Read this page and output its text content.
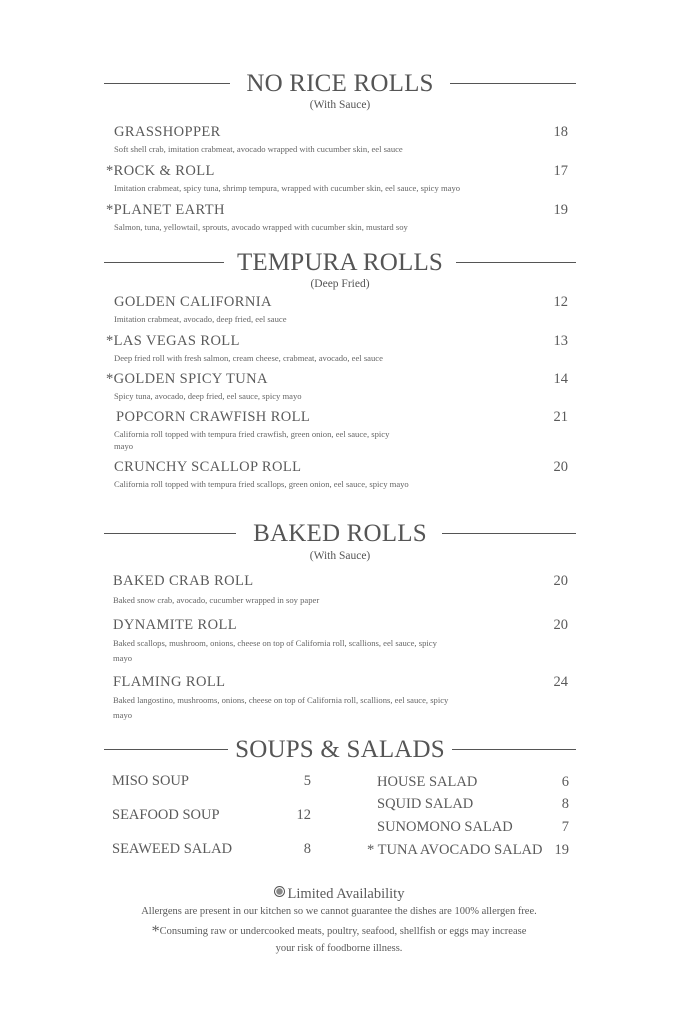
NO RICE ROLLS
(With Sauce)
GRASSHOPPER	18
Soft shell crab, imitation crabmeat, avocado wrapped with cucumber skin, eel sauce
*ROCK & ROLL	17
Imitation crabmeat, spicy tuna, shrimp tempura, wrapped with cucumber skin, eel sauce, spicy mayo
*PLANET EARTH	19
Salmon, tuna, yellowtail, sprouts, avocado wrapped with cucumber skin, mustard soy
TEMPURA ROLLS
(Deep Fried)
GOLDEN CALIFORNIA	12
Imitation crabmeat, avocado, deep fried, eel sauce
*LAS VEGAS ROLL	13
Deep fried roll with fresh salmon, cream cheese, crabmeat, avocado, eel sauce
*GOLDEN SPICY TUNA	14
Spicy tuna, avocado, deep fried, eel sauce, spicy mayo
POPCORN CRAWFISH ROLL	21
California roll topped with tempura fried crawfish, green onion, eel sauce, spicy mayo
CRUNCHY SCALLOP ROLL	20
California roll topped with tempura fried scallops, green onion, eel sauce, spicy mayo
BAKED ROLLS
(With Sauce)
BAKED CRAB ROLL	20
Baked snow crab, avocado, cucumber wrapped in soy paper
DYNAMITE ROLL	20
Baked scallops, mushroom, onions, cheese on top of California roll, scallions, eel sauce, spicy mayo
FLAMING ROLL	24
Baked langostino, mushrooms, onions, cheese on top of California roll, scallions, eel sauce, spicy mayo
SOUPS & SALADS
MISO SOUP	5
SEAFOOD SOUP	12
SEAWEED SALAD	8
HOUSE SALAD	6
SQUID SALAD	8
SUNOMONO SALAD	7
* TUNA AVOCADO SALAD 19
Limited Availability
Allergens are present in our kitchen so we cannot guarantee the dishes are 100% allergen free.
*Consuming raw or undercooked meats, poultry, seafood, shellfish or eggs may increase
your risk of foodborne illness.
